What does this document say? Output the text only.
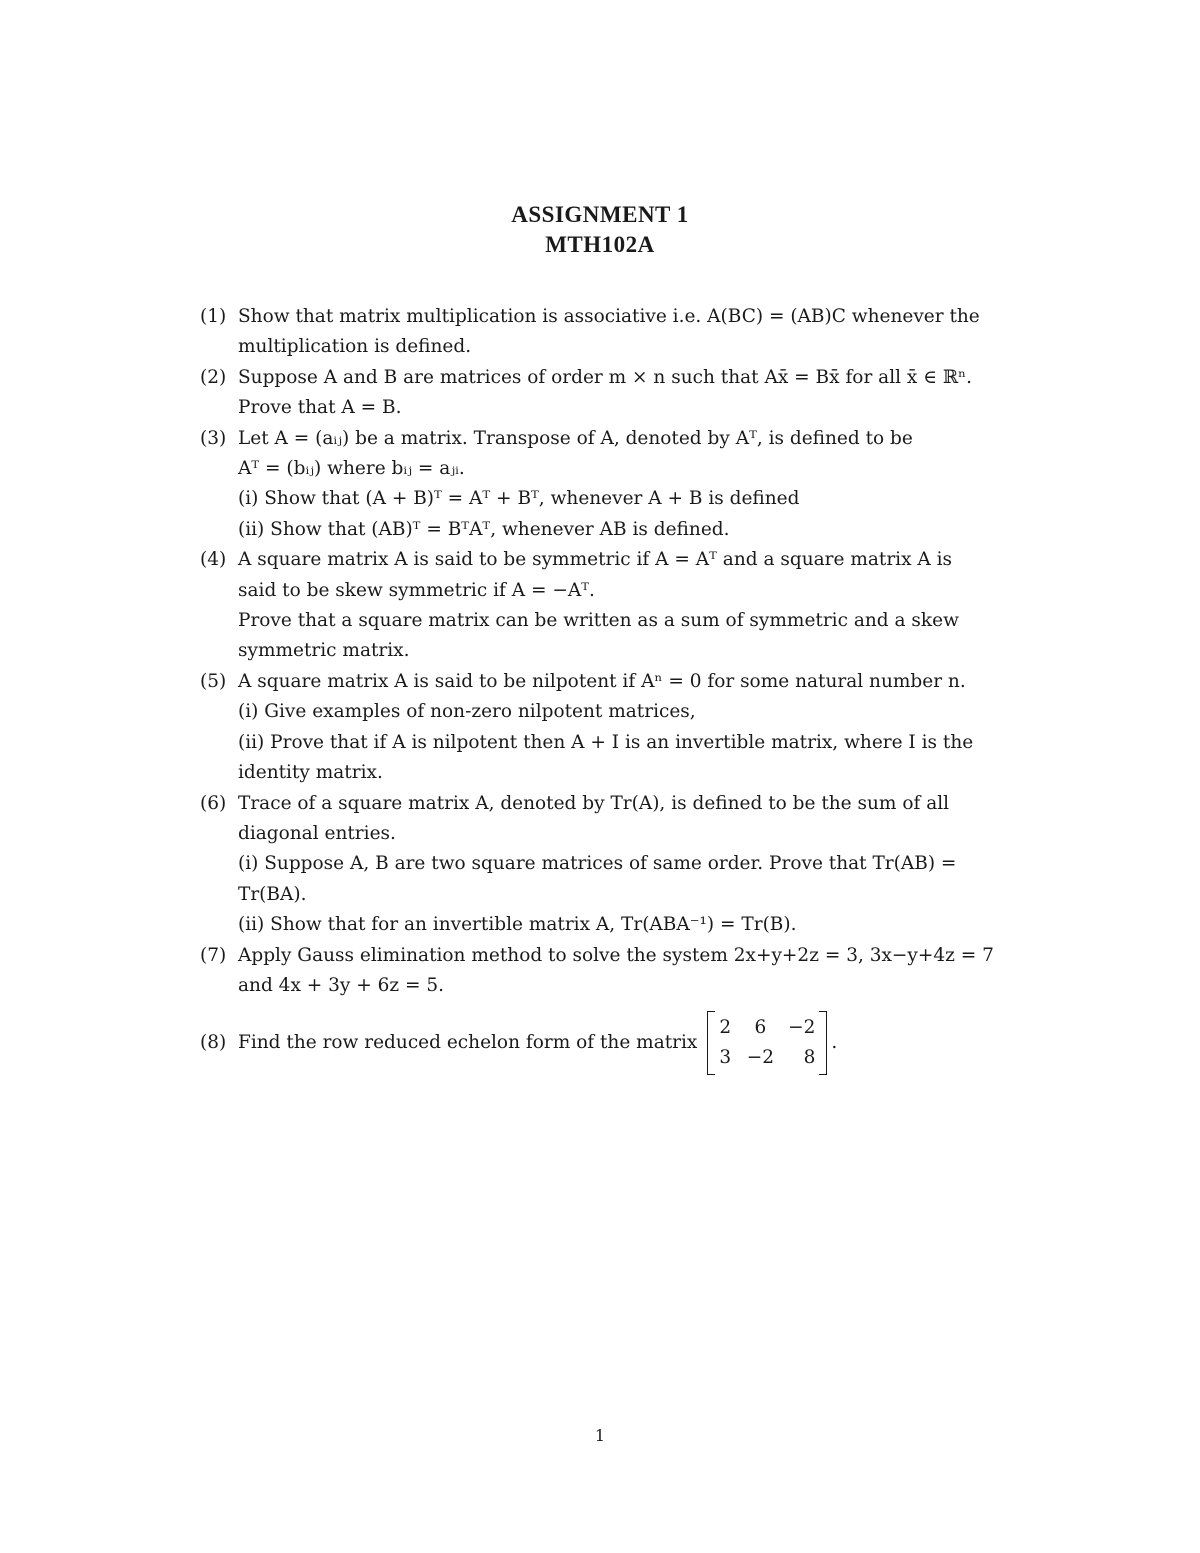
ASSIGNMENT 1
MTH102A
(1) Show that matrix multiplication is associative i.e. A(BC) = (AB)C whenever the
multiplication is defined.
(2) Suppose A and B are matrices of order m × n such that Ax̄ = Bx̄ for all x̄ ∈ ℝⁿ.
Prove that A = B.
(3) Let A = (aᵢⱼ) be a matrix. Transpose of A, denoted by Aᵀ, is defined to be
Aᵀ = (bᵢⱼ) where bᵢⱼ = aⱼᵢ.
(i) Show that (A + B)ᵀ = Aᵀ + Bᵀ, whenever A + B is defined
(ii) Show that (AB)ᵀ = BᵀAᵀ, whenever AB is defined.
(4) A square matrix A is said to be symmetric if A = Aᵀ and a square matrix A is
said to be skew symmetric if A = −Aᵀ.
Prove that a square matrix can be written as a sum of symmetric and a skew
symmetric matrix.
(5) A square matrix A is said to be nilpotent if Aⁿ = 0 for some natural number n.
(i) Give examples of non-zero nilpotent matrices,
(ii) Prove that if A is nilpotent then A + I is an invertible matrix, where I is the
identity matrix.
(6) Trace of a square matrix A, denoted by Tr(A), is defined to be the sum of all
diagonal entries.
(i) Suppose A, B are two square matrices of same order. Prove that Tr(AB) =
Tr(BA).
(ii) Show that for an invertible matrix A, Tr(ABA⁻¹) = Tr(B).
(7) Apply Gauss elimination method to solve the system 2x+y+2z = 3, 3x−y+4z = 7
and 4x + 3y + 6z = 5.
(8) Find the row reduced echelon form of the matrix
2	6	−2
3 −2	8
.
1
